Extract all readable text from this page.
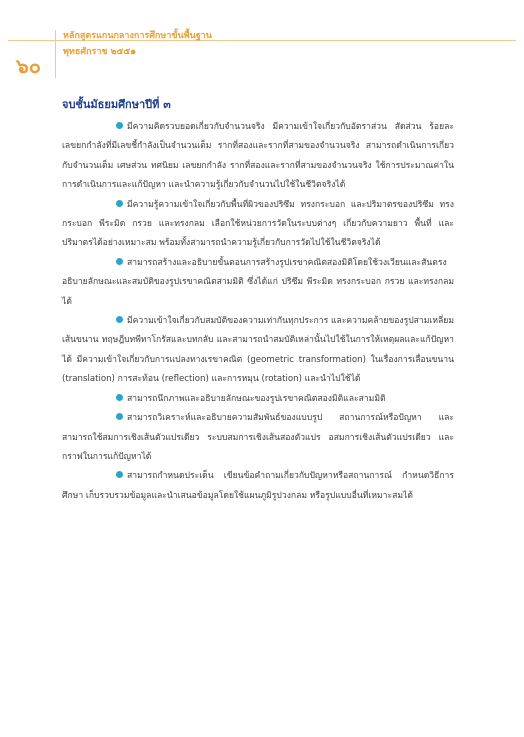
๖๐
หลักสูตรแกนกลางการศึกษาขั้นพื้นฐาน
พุทธศักราช ๒๕๕๑
จบชั้นมัธยมศึกษาปีที่ ๓

มีความคิดรวบยอดเกี่ยวกับจำนวนจริง มีความเข้าใจเกี่ยวกับอัตราส่วน สัดส่วน ร้อยละ เลขยกกำลังที่มีเลขชี้กำลังเป็นจำนวนเต็ม รากที่สองและรากที่สามของจำนวนจริง สามารถดำเนินการเกี่ยวกับจำนวนเต็ม เศษส่วน ทศนิยม เลขยกกำลัง รากที่สองและรากที่สามของจำนวนจริง ใช้การประมาณค่าในการดำเนินการและแก้ปัญหา และนำความรู้เกี่ยวกับจำนวนไปใช้ในชีวิตจริงได้

มีความรู้ความเข้าใจเกี่ยวกับพื้นที่ผิวของปริซึม ทรงกระบอก และปริมาตรของปริซึม ทรงกระบอก พีระมิด กรวย และทรงกลม เลือกใช้หน่วยการวัดในระบบต่างๆ เกี่ยวกับความยาว พื้นที่ และปริมาตรได้อย่างเหมาะสม พร้อมทั้งสามารถนำความรู้เกี่ยวกับการวัดไปใช้ในชีวิตจริงได้

สามารถสร้างและอธิบายขั้นตอนการสร้างรูปเรขาคณิตสองมิติโดยใช้วงเวียนและสันตรง อธิบายลักษณะและสมบัติของรูปเรขาคณิตสามมิติ ซึ่งได้แก่ ปริซึม พีระมิด ทรงกระบอก กรวย และทรงกลมได้

มีความเข้าใจเกี่ยวกับสมบัติของความเท่ากันทุกประการ และความคล้ายของรูปสามเหลี่ยม เส้นขนาน ทฤษฎีบทพีทาโกรัสและบทกลับ และสามารถนำสมบัติเหล่านั้นไปใช้ในการให้เหตุผลและแก้ปัญหาได้ มีความเข้าใจเกี่ยวกับการแปลงทางเรขาคณิต (geometric transformation) ในเรื่องการเลื่อนขนาน (translation) การสะท้อน (reflection) และการหมุน (rotation) และนำไปใช้ได้

สามารถนึกภาพและอธิบายลักษณะของรูปเรขาคณิตสองมิติและสามมิติ

สามารถวิเคราะห์และอธิบายความสัมพันธ์ของแบบรูป สถานการณ์หรือปัญหา และสามารถใช้สมการเชิงเส้นตัวแปรเดียว ระบบสมการเชิงเส้นสองตัวแปร อสมการเชิงเส้นตัวแปรเดียว และกราฟในการแก้ปัญหาได้

สามารถกำหนดประเด็น เขียนข้อคำถามเกี่ยวกับปัญหาหรือสถานการณ์ กำหนดวิธีการศึกษา เก็บรวบรวมข้อมูลและนำเสนอข้อมูลโดยใช้แผนภูมิรูปวงกลม หรือรูปแบบอื่นที่เหมาะสมได้
